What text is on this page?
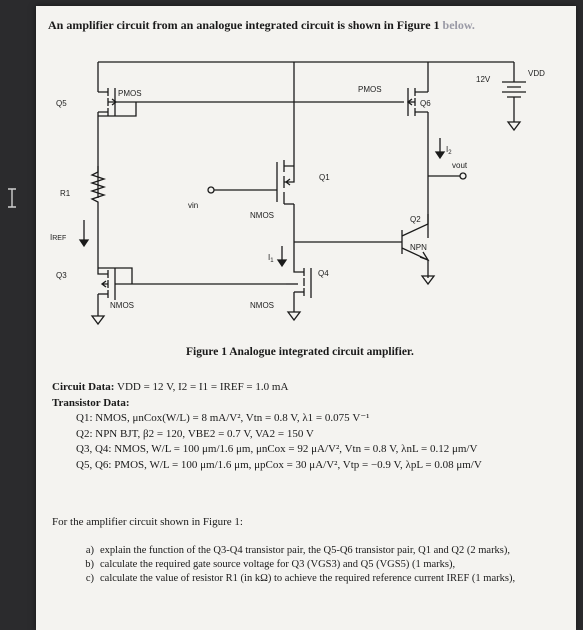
An amplifier circuit from an analogue integrated circuit is shown in Figure 1 below.
PMOS	PMOS
Q5	Q6
VDD
12V
$I_2$
vout
Q1
R1
vin
NMOS	Q2
IREF
$I_1$
NPN
Q3	Q4
NMOS	NMOS
Figure 1 Analogue integrated circuit amplifier.
Circuit Data: VDD = 12 V, I2 = I1 = IREF = 1.0 mA
Transistor Data:
Q1: NMOS, μnCox(W/L) = 8 mA/V², Vtn = 0.8 V, λ1 = 0.075 V⁻¹
Q2: NPN BJT, β2 = 120, VBE2 = 0.7 V, VA2 = 150 V
Q3, Q4: NMOS, W/L = 100 μm/1.6 μm, μnCox = 92 μA/V², Vtn = 0.8 V, λnL = 0.12 μm/V
Q5, Q6: PMOS, W/L = 100 μm/1.6 μm, μpCox = 30 μA/V², Vtp = −0.9 V, λpL = 0.08 μm/V
For the amplifier circuit shown in Figure 1:
a) explain the function of the Q3-Q4 transistor pair, the Q5-Q6 transistor pair, Q1 and Q2 (2 marks),
b) calculate the required gate source voltage for Q3 (VGS3) and Q5 (VGS5) (1 marks),
c) calculate the value of resistor R1 (in kΩ) to achieve the required reference current IREF (1 marks),
